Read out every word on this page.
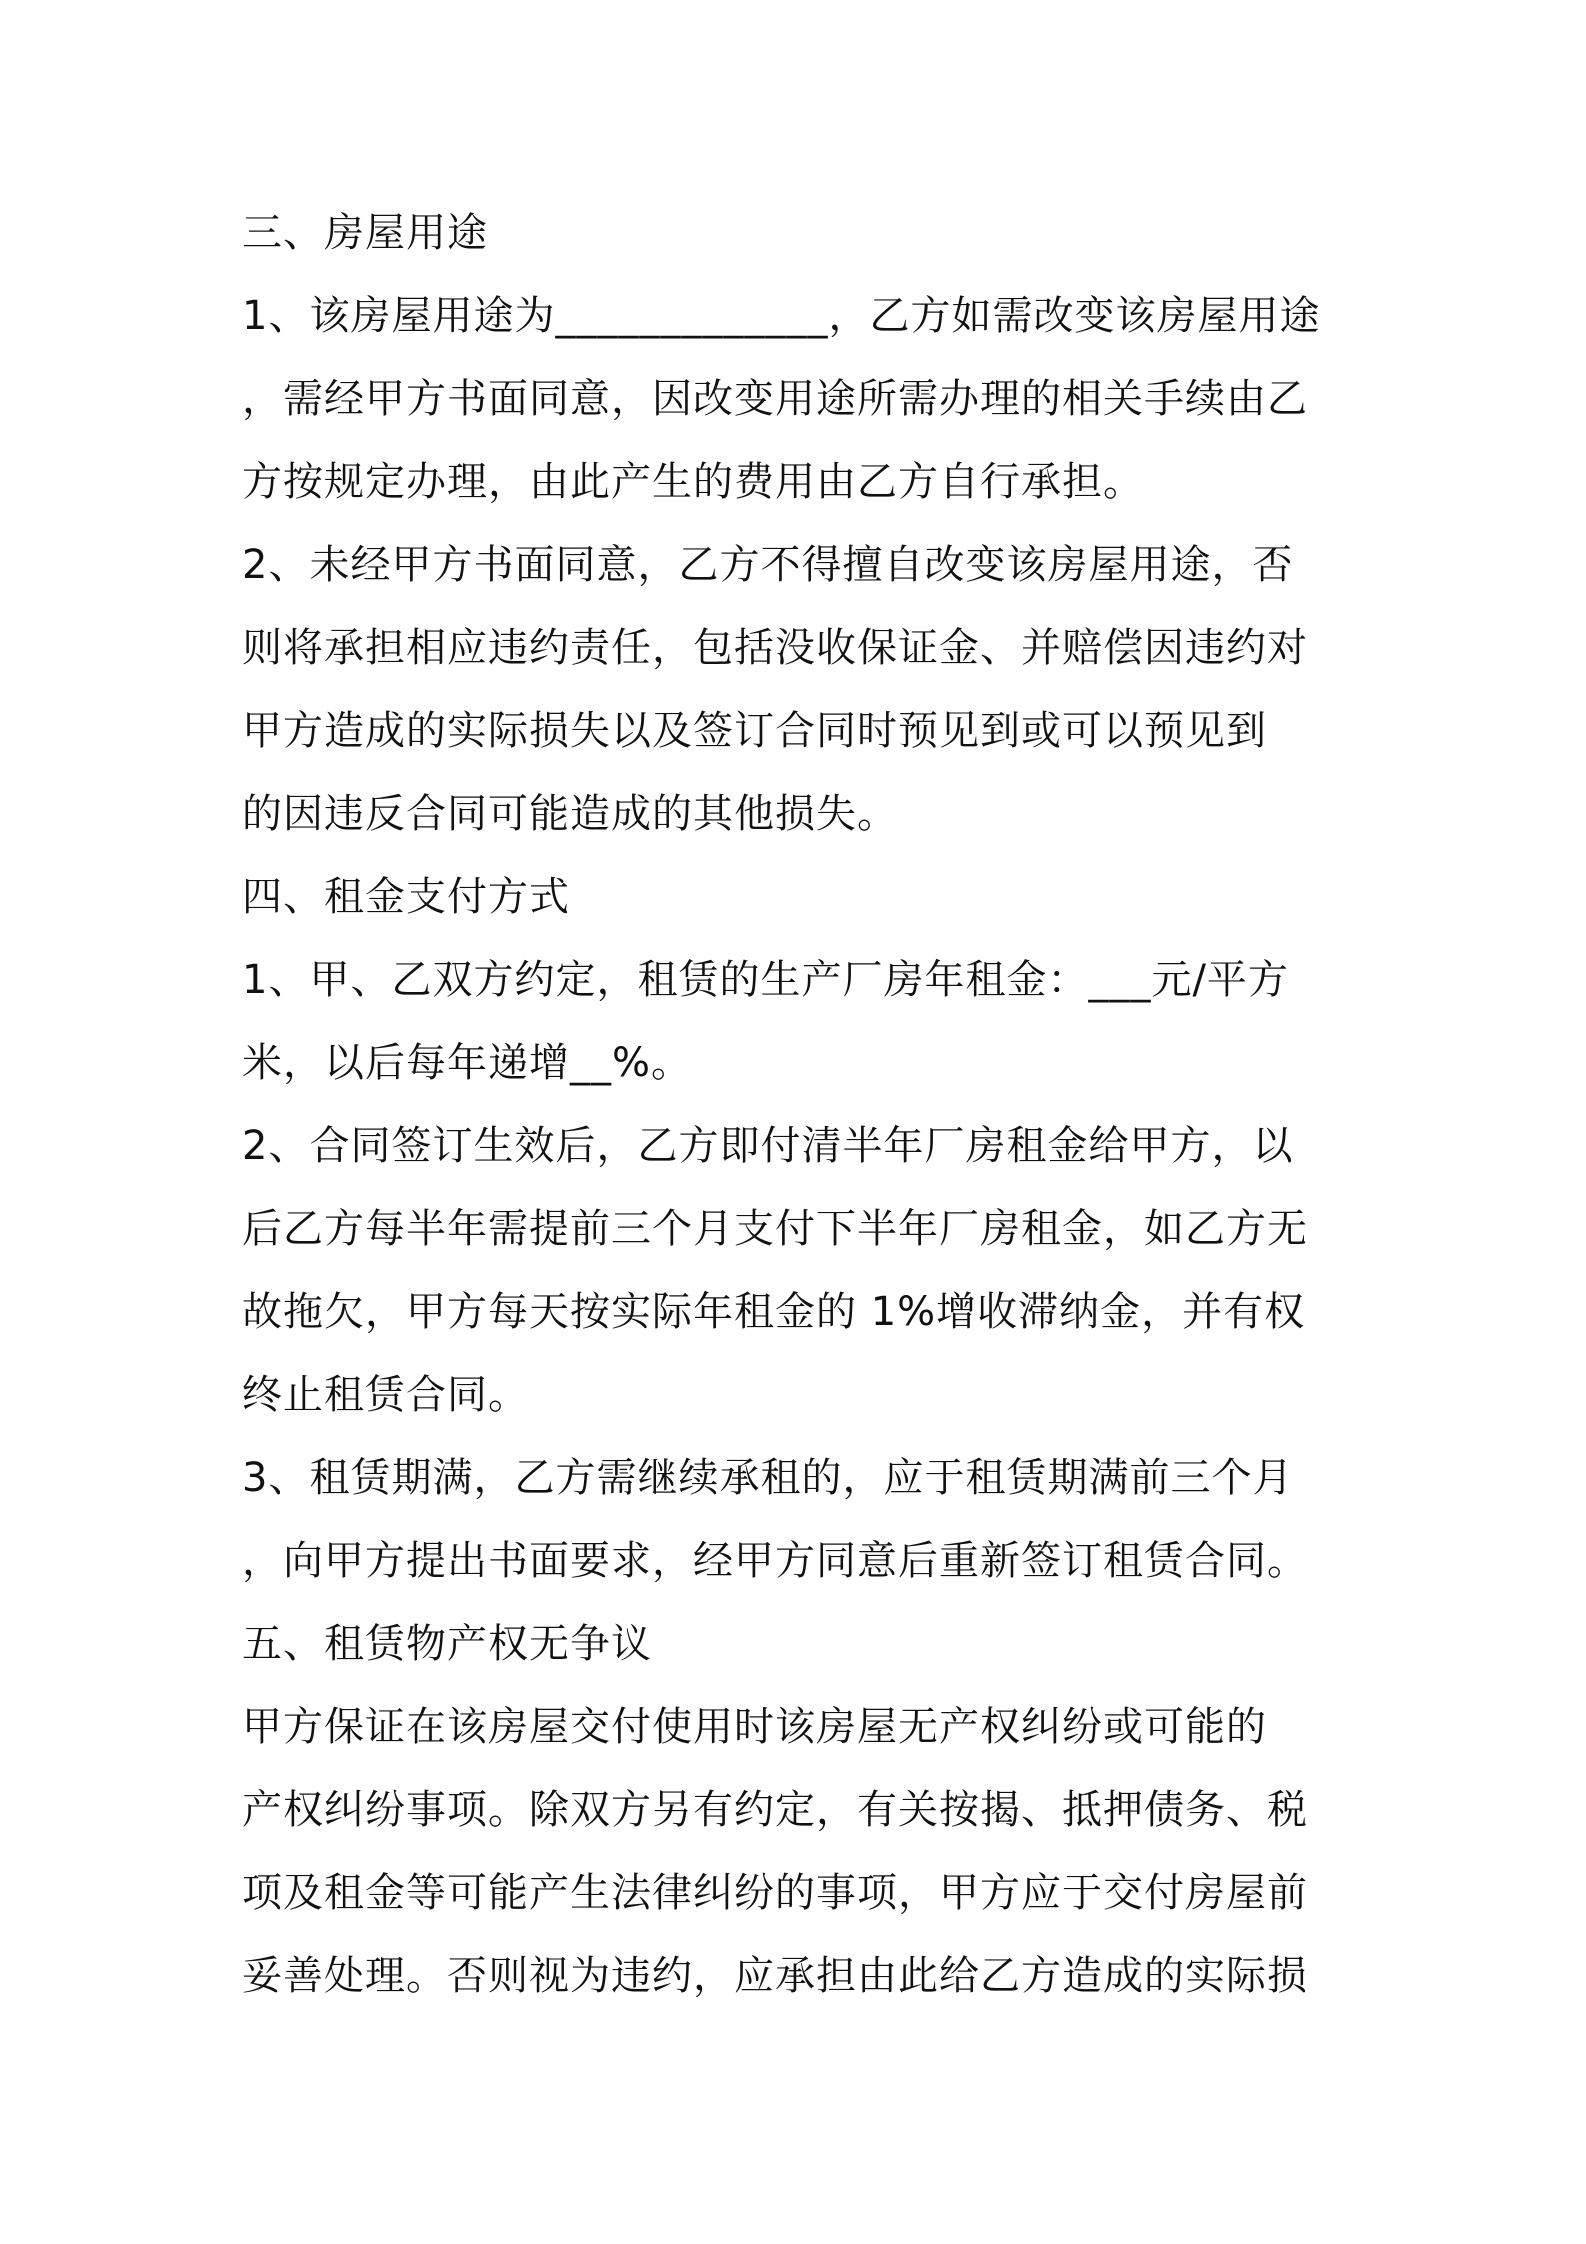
三、房屋用途
1、该房屋用途为_____________，乙方如需改变该房屋用途
，需经甲方书面同意，因改变用途所需办理的相关手续由乙
方按规定办理，由此产生的费用由乙方自行承担。
2、未经甲方书面同意，乙方不得擅自改变该房屋用途，否
则将承担相应违约责任，包括没收保证金、并赔偿因违约对
甲方造成的实际损失以及签订合同时预见到或可以预见到
的因违反合同可能造成的其他损失。
四、租金支付方式
1、甲、乙双方约定，租赁的生产厂房年租金：___元/平方
米，以后每年递增__%。
2、合同签订生效后，乙方即付清半年厂房租金给甲方，以
后乙方每半年需提前三个月支付下半年厂房租金，如乙方无
故拖欠，甲方每天按实际年租金的 1%增收滞纳金，并有权
终止租赁合同。
3、租赁期满，乙方需继续承租的，应于租赁期满前三个月
，向甲方提出书面要求，经甲方同意后重新签订租赁合同。
五、租赁物产权无争议
甲方保证在该房屋交付使用时该房屋无产权纠纷或可能的
产权纠纷事项。除双方另有约定，有关按揭、抵押债务、税
项及租金等可能产生法律纠纷的事项，甲方应于交付房屋前
妥善处理。否则视为违约，应承担由此给乙方造成的实际损
